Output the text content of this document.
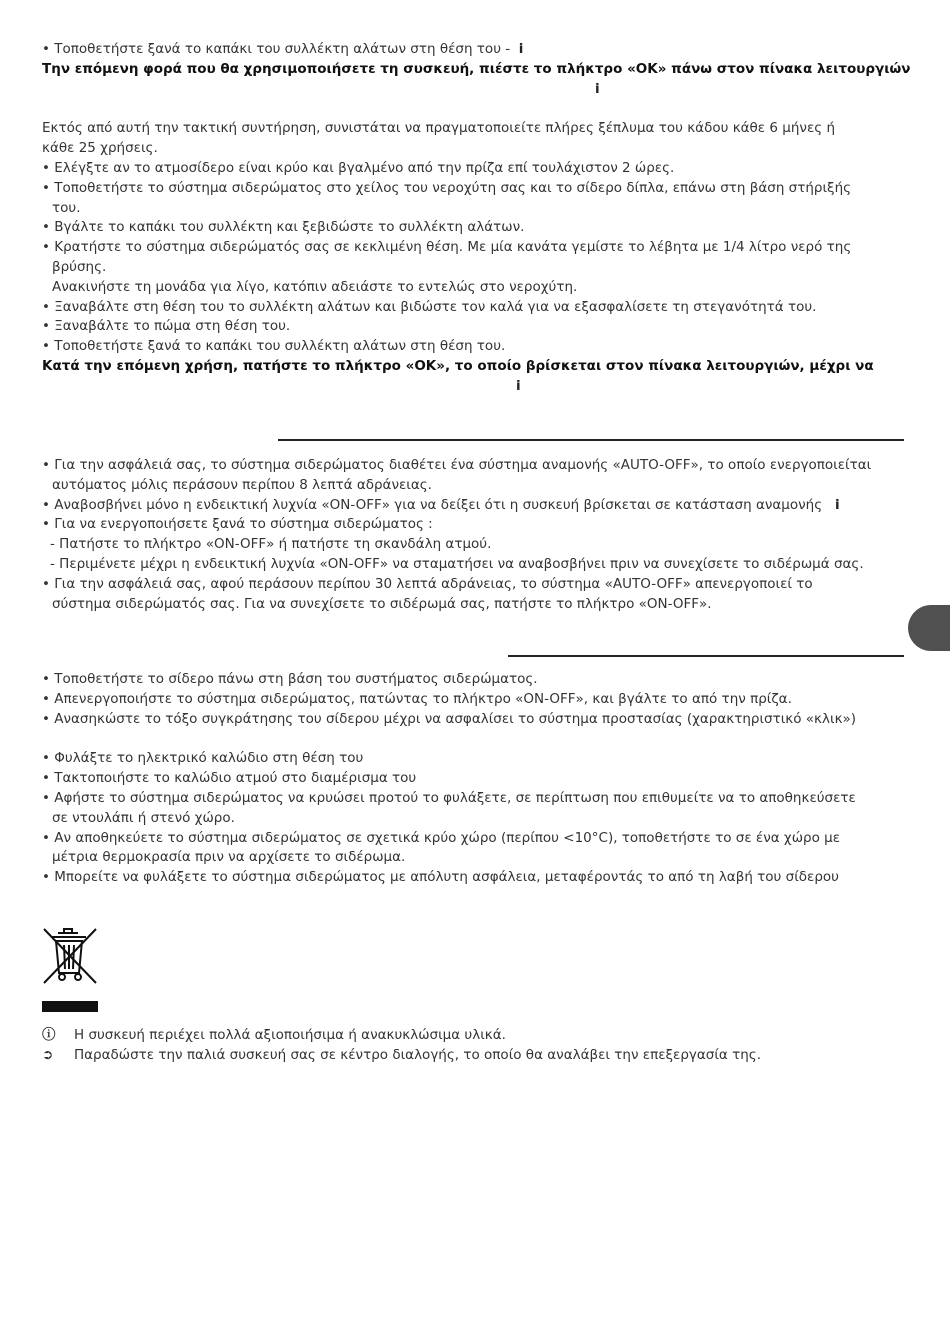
• Τοποθετήστε ξανά το καπάκι του συλλέκτη αλάτων στη θέση του - i
Την επόμενη φορά που θα χρησιμοποιήσετε τη συσκευή, πιέστε το πλήκτρο «OK» πάνω στον πίνακα λειτουργιών
i
Εκτός από αυτή την τακτική συντήρηση, συνιστάται να πραγματοποιείτε πλήρες ξέπλυμα του κάδου κάθε 6 μήνες ή
κάθε 25 χρήσεις.
• Ελέγξτε αν το ατμοσίδερο είναι κρύο και βγαλμένο από την πρίζα επί τουλάχιστον 2 ώρες.
• Τοποθετήστε το σύστημα σιδερώματος στο χείλος του νεροχύτη σας και το σίδερο δίπλα, επάνω στη βάση στήριξής
του.
• Βγάλτε το καπάκι του συλλέκτη και ξεβιδώστε το συλλέκτη αλάτων.
• Κρατήστε το σύστημα σιδερώματός σας σε κεκλιμένη θέση. Με μία κανάτα γεμίστε το λέβητα με 1/4 λίτρο νερό της
βρύσης.
Ανακινήστε τη μονάδα για λίγο, κατόπιν αδειάστε το εντελώς στο νεροχύτη.
• Ξαναβάλτε στη θέση του το συλλέκτη αλάτων και βιδώστε τον καλά για να εξασφαλίσετε τη στεγανότητά του.
• Ξαναβάλτε το πώμα στη θέση του.
• Τοποθετήστε ξανά το καπάκι του συλλέκτη αλάτων στη θέση του.
Κατά την επόμενη χρήση, πατήστε το πλήκτρο «OK», το οποίο βρίσκεται στον πίνακα λειτουργιών, μέχρι να
i
• Για την ασφάλειά σας, το σύστημα σιδερώματος διαθέτει ένα σύστημα αναμονής «AUTO-OFF», το οποίο ενεργοποιείται
αυτόματος μόλις περάσουν περίπου 8 λεπτά αδράνειας.
• Αναβοσβήνει μόνο η ενδεικτική λυχνία «ON-OFF» για να δείξει ότι η συσκευή βρίσκεται σε κατάσταση αναμονής i
• Για να ενεργοποιήσετε ξανά το σύστημα σιδερώματος :
- Πατήστε το πλήκτρο «ON-OFF» ή πατήστε τη σκανδάλη ατμού.
- Περιμένετε μέχρι η ενδεικτική λυχνία «ON-OFF» να σταματήσει να αναβοσβήνει πριν να συνεχίσετε το σιδέρωμά σας.
• Για την ασφάλειά σας, αφού περάσουν περίπου 30 λεπτά αδράνειας, το σύστημα «AUTO-OFF» απενεργοποιεί το
σύστημα σιδερώματός σας. Για να συνεχίσετε το σιδέρωμά σας, πατήστε το πλήκτρο «ON-OFF».
• Τοποθετήστε το σίδερο πάνω στη βάση του συστήματος σιδερώματος.
• Απενεργοποιήστε το σύστημα σιδερώματος, πατώντας το πλήκτρο «ON-OFF», και βγάλτε το από την πρίζα.
• Ανασηκώστε το τόξο συγκράτησης του σίδερου μέχρι να ασφαλίσει το σύστημα προστασίας (χαρακτηριστικό «κλικ»)
• Φυλάξτε το ηλεκτρικό καλώδιο στη θέση του
• Τακτοποιήστε το καλώδιο ατμού στο διαμέρισμα του
• Αφήστε το σύστημα σιδερώματος να κρυώσει προτού το φυλάξετε, σε περίπτωση που επιθυμείτε να το αποθηκεύσετε
σε ντουλάπι ή στενό χώρο.
• Αν αποθηκεύετε το σύστημα σιδερώματος σε σχετικά κρύο χώρο (περίπου <10°C), τοποθετήστε το σε ένα χώρο με
μέτρια θερμοκρασία πριν να αρχίσετε το σιδέρωμα.
• Μπορείτε να φυλάξετε το σύστημα σιδερώματος με απόλυτη ασφάλεια, μεταφέροντάς το από τη λαβή του σίδερου
ⓘ Η συσκευή περιέχει πολλά αξιοποιήσιμα ή ανακυκλώσιμα υλικά.
➲ Παραδώστε την παλιά συσκευή σας σε κέντρο διαλογής, το οποίο θα αναλάβει την επεξεργασία της.
